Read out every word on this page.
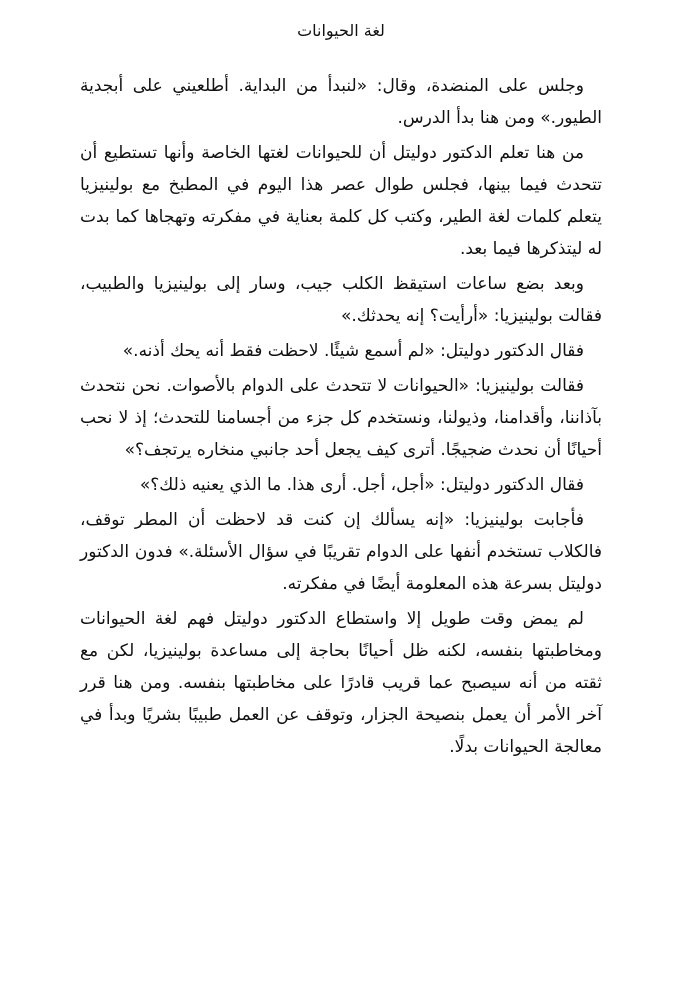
لغة الحيوانات

وجلس على المنضدة، وقال: «لنبدأ من البداية. أطلعيني على أبجدية الطيور.» ومن هنا بدأ الدرس.

من هنا تعلم الدكتور دوليتل أن للحيوانات لغتها الخاصة وأنها تستطيع أن تتحدث فيما بينها، فجلس طوال عصر هذا اليوم في المطبخ مع بولينيزيا يتعلم كلمات لغة الطير، وكتب كل كلمة بعناية في مفكرته وتهجاها كما بدت له ليتذكرها فيما بعد.

وبعد بضع ساعات استيقظ الكلب جيب، وسار إلى بولينيزيا والطبيب، فقالت بولينيزيا: «أرأيت؟ إنه يحدثك.»

فقال الدكتور دوليتل: «لم أسمع شيئًا. لاحظت فقط أنه يحك أذنه.»

فقالت بولينيزيا: «الحيوانات لا تتحدث على الدوام بالأصوات. نحن نتحدث بآذاننا، وأقدامنا، وذيولنا، ونستخدم كل جزء من أجسامنا للتحدث؛ إذ لا نحب أحيانًا أن نحدث ضجيجًا. أترى كيف يجعل أحد جانبي منخاره يرتجف؟»

فقال الدكتور دوليتل: «أجل، أجل. أرى هذا. ما الذي يعنيه ذلك؟»

فأجابت بولينيزيا: «إنه يسألك إن كنت قد لاحظت أن المطر توقف، فالكلاب تستخدم أنفها على الدوام تقريبًا في سؤال الأسئلة.» فدون الدكتور دوليتل بسرعة هذه المعلومة أيضًا في مفكرته.

لم يمض وقت طويل إلا واستطاع الدكتور دوليتل فهم لغة الحيوانات ومخاطبتها بنفسه، لكنه ظل أحيانًا بحاجة إلى مساعدة بولينيزيا، لكن مع ثقته من أنه سيصبح عما قريب قادرًا على مخاطبتها بنفسه. ومن هنا قرر آخر الأمر أن يعمل بنصيحة الجزار، وتوقف عن العمل طبيبًا بشريًا وبدأ في معالجة الحيوانات بدلًا.
